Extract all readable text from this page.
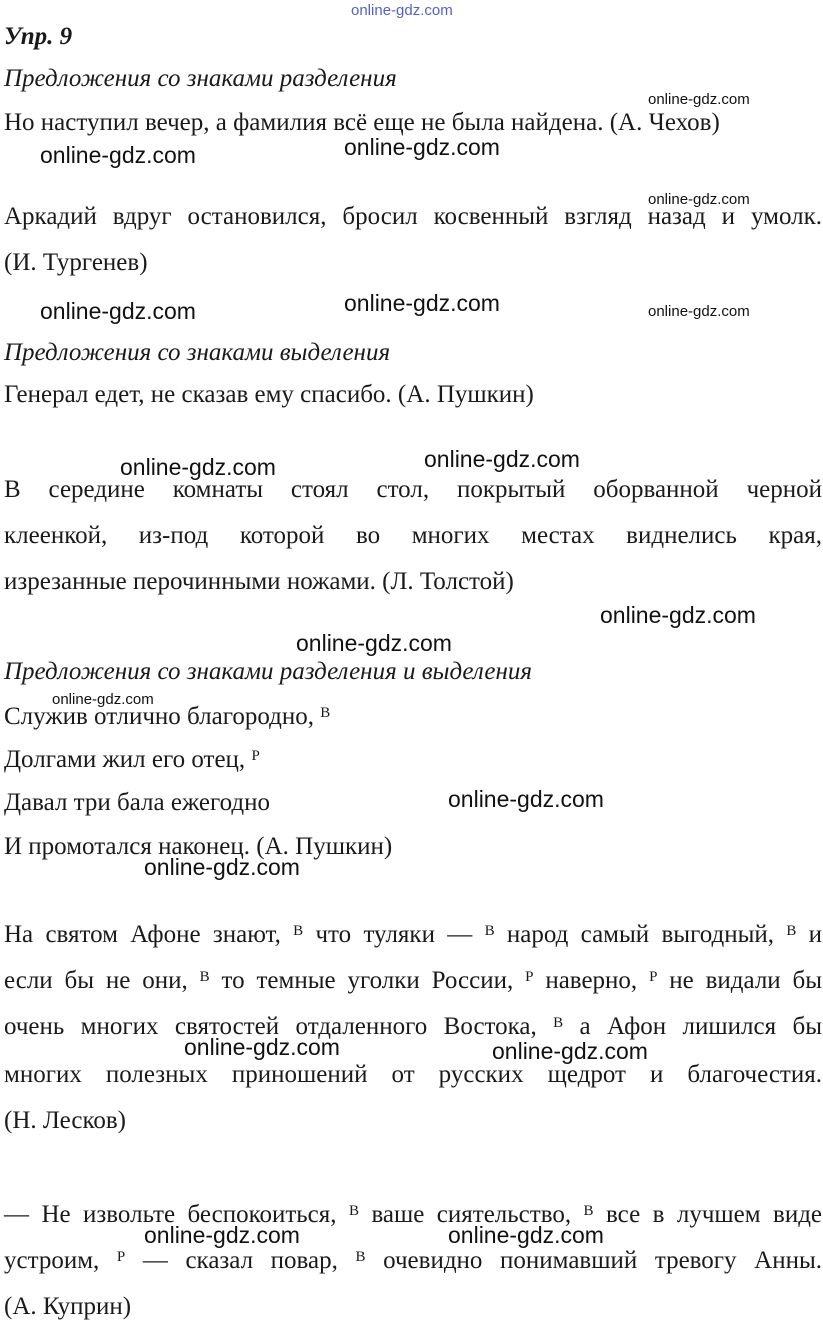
online-gdz.com
online-gdz.com
online-gdz.com	online-gdz.com
online-gdz.com
online-gdz.com	online-gdz.com	online-gdz.com
online-gdz.com	online-gdz.com
online-gdz.com
online-gdz.com
online-gdz.com
online-gdz.com
online-gdz.com
online-gdz.com	online-gdz.com
online-gdz.com	online-gdz.com
Упр. 9
Предложения со знаками разделения
Но наступил вечер, а фамилия всё еще не была найдена. (А. Чехов)
Аркадий вдруг остановился, бросил косвенный взгляд назад и умолк.
(И. Тургенев)
Предложения со знаками выделения
Генерал едет, не сказав ему спасибо. (А. Пушкин)
В середине комнаты стоял стол, покрытый оборванной черной
клеенкой, из-под которой во многих местах виднелись края,
изрезанные перочинными ножами. (Л. Толстой)
Предложения со знаками разделения и выделения
Служив отлично благородно, $^В$
Долгами жил его отец, $^Р$
Давал три бала ежегодно
И промотался наконец. (А. Пушкин)
На святом Афоне знают, $^В$ что туляки — $^В$ народ самый выгодный, $^В$ и
если бы не они, $^В$ то темные уголки России, $^Р$ наверно, $^Р$ не видали бы
очень многих святостей отдаленного Востока, $^В$ а Афон лишился бы
многих полезных приношений от русских щедрот и благочестия.
(Н. Лесков)
— Не извольте беспокоиться, $^В$ ваше сиятельство, $^В$ все в лучшем виде
устроим, $^Р$ — сказал повар, $^В$ очевидно понимавший тревогу Анны.
(А. Куприн)
